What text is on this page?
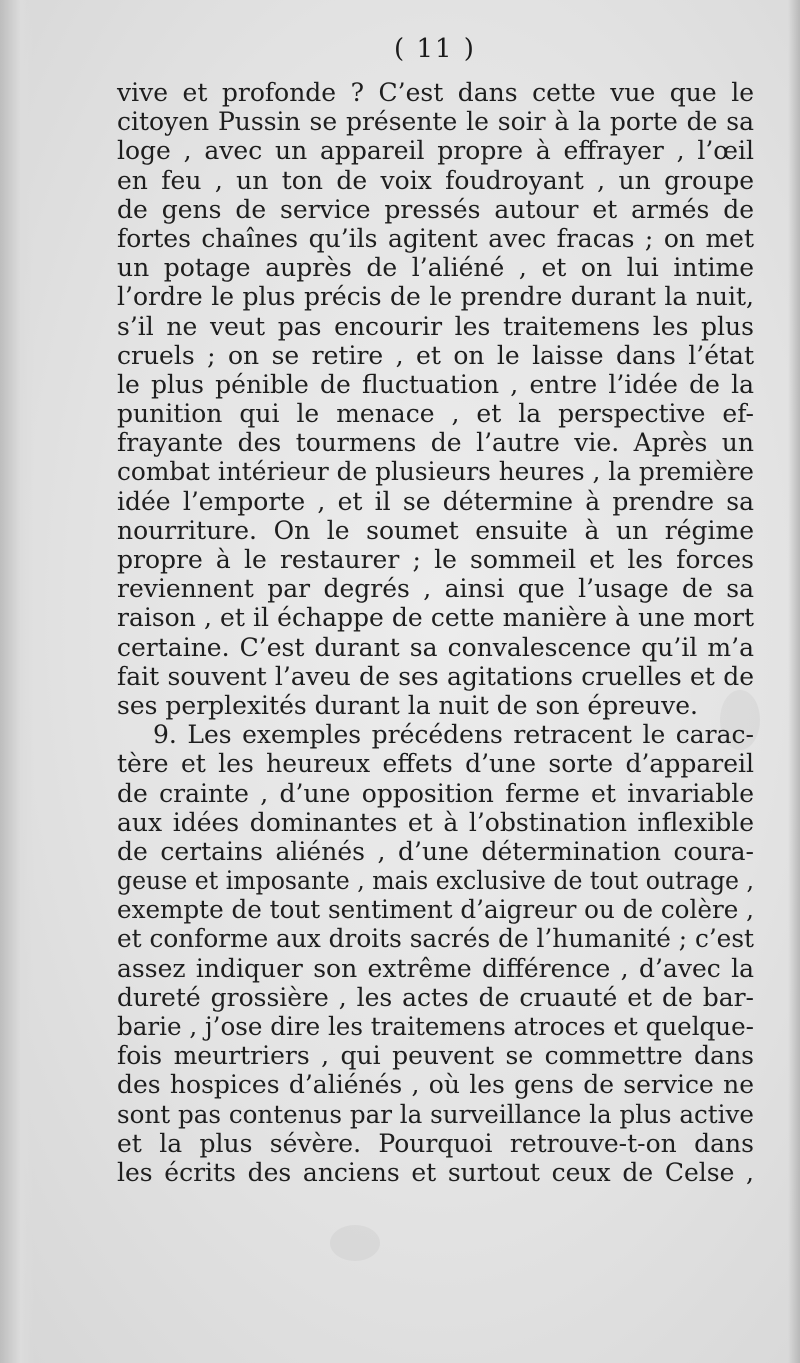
( 11 )
vive et profonde ? C’est dans cette vue que le
citoyen Pussin se présente le soir à la porte de sa
loge , avec un appareil propre à effrayer , l’œil
en feu , un ton de voix foudroyant , un groupe
de gens de service pressés autour et armés de
fortes chaînes qu’ils agitent avec fracas ; on met
un potage auprès de l’aliéné , et on lui intime
l’ordre le plus précis de le prendre durant la nuit,
s’il ne veut pas encourir les traitemens les plus
cruels ; on se retire , et on le laisse dans l’état
le plus pénible de fluctuation , entre l’idée de la
punition qui le menace , et la perspective ef-
frayante des tourmens de l’autre vie. Après un
combat intérieur de plusieurs heures , la première
idée l’emporte , et il se détermine à prendre sa
nourriture. On le soumet ensuite à un régime
propre à le restaurer ; le sommeil et les forces
reviennent par degrés , ainsi que l’usage de sa
raison , et il échappe de cette manière à une mort
certaine. C’est durant sa convalescence qu’il m’a
fait souvent l’aveu de ses agitations cruelles et de
ses perplexités durant la nuit de son épreuve.
9. Les exemples précédens retracent le carac-
tère et les heureux effets d’une sorte d’appareil
de crainte , d’une opposition ferme et invariable
aux idées dominantes et à l’obstination inflexible
de certains aliénés , d’une détermination coura-
geuse et imposante , mais exclusive de tout outrage ,
exempte de tout sentiment d’aigreur ou de colère ,
et conforme aux droits sacrés de l’humanité ; c’est
assez indiquer son extrême différence , d’avec la
dureté grossière , les actes de cruauté et de bar-
barie , j’ose dire les traitemens atroces et quelque-
fois meurtriers , qui peuvent se commettre dans
des hospices d’aliénés , où les gens de service ne
sont pas contenus par la surveillance la plus active
et la plus sévère. Pourquoi retrouve-t-on dans
les écrits des anciens et surtout ceux de Celse ,
